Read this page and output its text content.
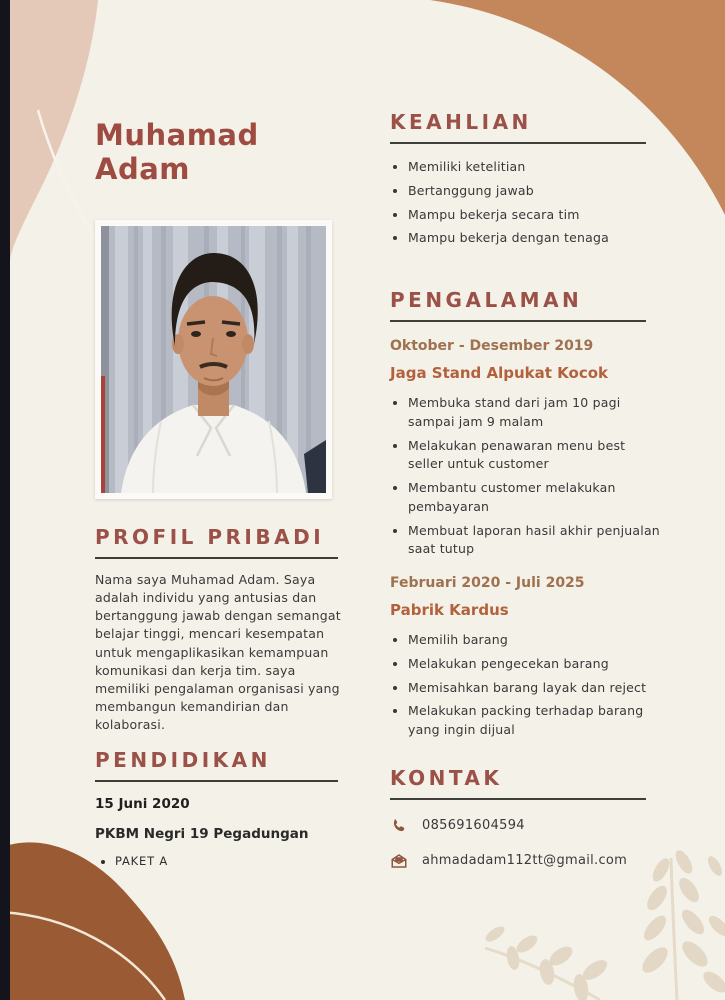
Muhamad Adam
PROFIL PRIBADI
Nama saya Muhamad Adam. Saya adalah individu yang antusias dan bertanggung jawab dengan semangat belajar tinggi, mencari kesempatan untuk mengaplikasikan kemampuan komunikasi dan kerja tim. saya memiliki pengalaman organisasi yang membangun kemandirian dan kolaborasi.
PENDIDIKAN
15 Juni 2020
PKBM Negri 19 Pegadungan
• PAKET A
KEAHLIAN
• Memiliki ketelitian
• Bertanggung jawab
• Mampu bekerja secara tim
• Mampu bekerja dengan tenaga
PENGALAMAN
Oktober - Desember 2019
Jaga Stand Alpukat Kocok
• Membuka stand dari jam 10 pagi sampai jam 9 malam
• Melakukan penawaran menu best seller untuk customer
• Membantu customer melakukan pembayaran
• Membuat laporan hasil akhir penjualan saat tutup
Februari 2020 - Juli 2025
Pabrik Kardus
• Memilih barang
• Melakukan pengecekan barang
• Memisahkan barang layak dan reject
• Melakukan packing terhadap barang yang ingin dijual
KONTAK
085691604594
ahmadadam112tt@gmail.com
